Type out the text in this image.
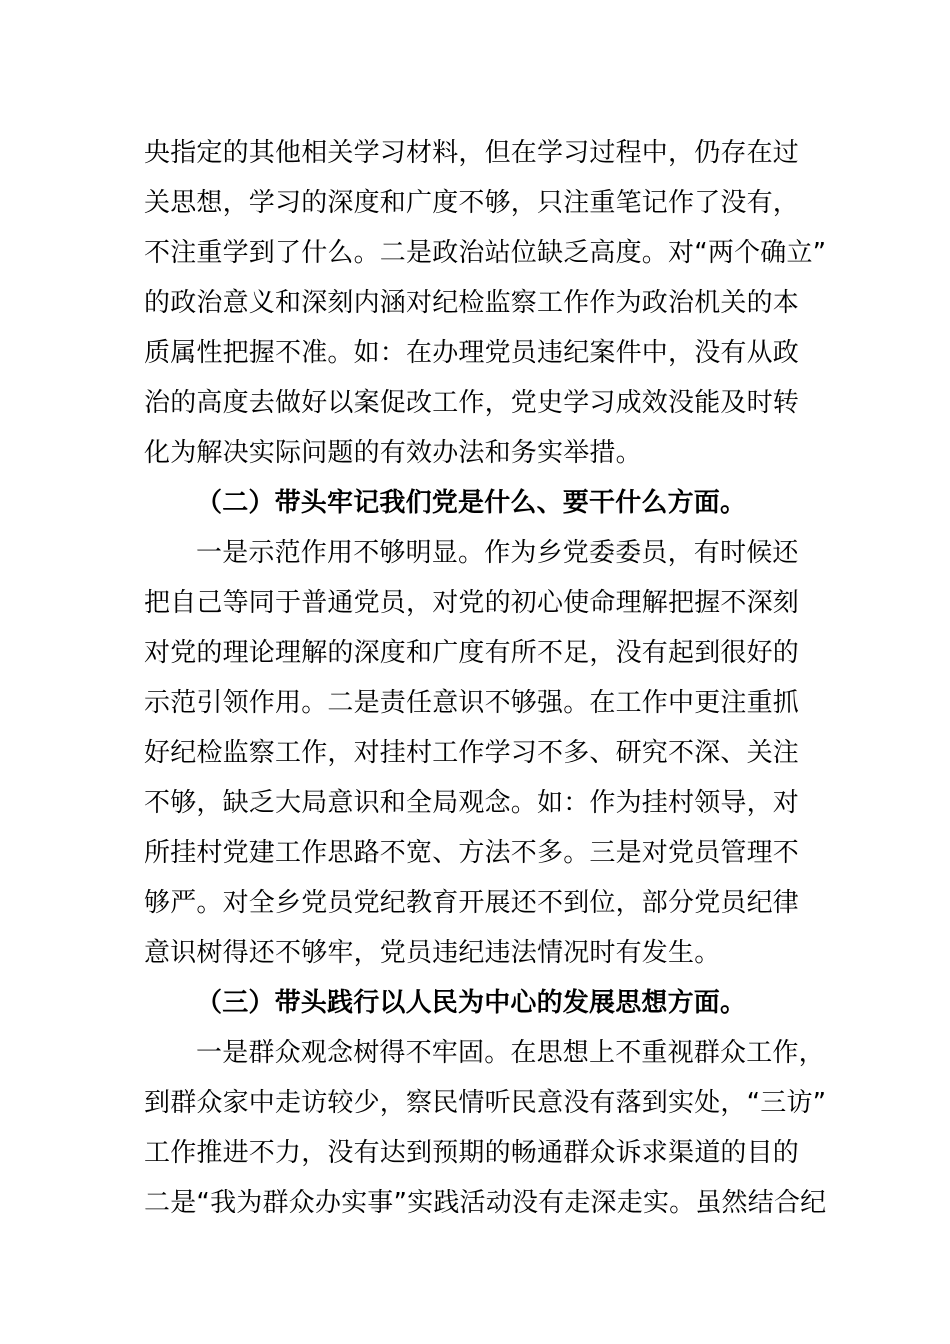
央指定的其他相关学习材料，但在学习过程中，仍存在过
关思想，学习的深度和广度不够，只注重笔记作了没有，
不注重学到了什么。二是政治站位缺乏高度。对“两个确立”
的政治意义和深刻内涵对纪检监察工作作为政治机关的本
质属性把握不准。如：在办理党员违纪案件中，没有从政
治的高度去做好以案促改工作，党史学习成效没能及时转
化为解决实际问题的有效办法和务实举措。
（二）带头牢记我们党是什么、要干什么方面。
一是示范作用不够明显。作为乡党委委员，有时候还
把自己等同于普通党员，对党的初心使命理解把握不深刻
对党的理论理解的深度和广度有所不足，没有起到很好的
示范引领作用。二是责任意识不够强。在工作中更注重抓
好纪检监察工作，对挂村工作学习不多、研究不深、关注
不够，缺乏大局意识和全局观念。如：作为挂村领导，对
所挂村党建工作思路不宽、方法不多。三是对党员管理不
够严。对全乡党员党纪教育开展还不到位，部分党员纪律
意识树得还不够牢，党员违纪违法情况时有发生。
（三）带头践行以人民为中心的发展思想方面。
一是群众观念树得不牢固。在思想上不重视群众工作，
到群众家中走访较少，察民情听民意没有落到实处，“三访”
工作推进不力，没有达到预期的畅通群众诉求渠道的目的
二是“我为群众办实事”实践活动没有走深走实。虽然结合纪
